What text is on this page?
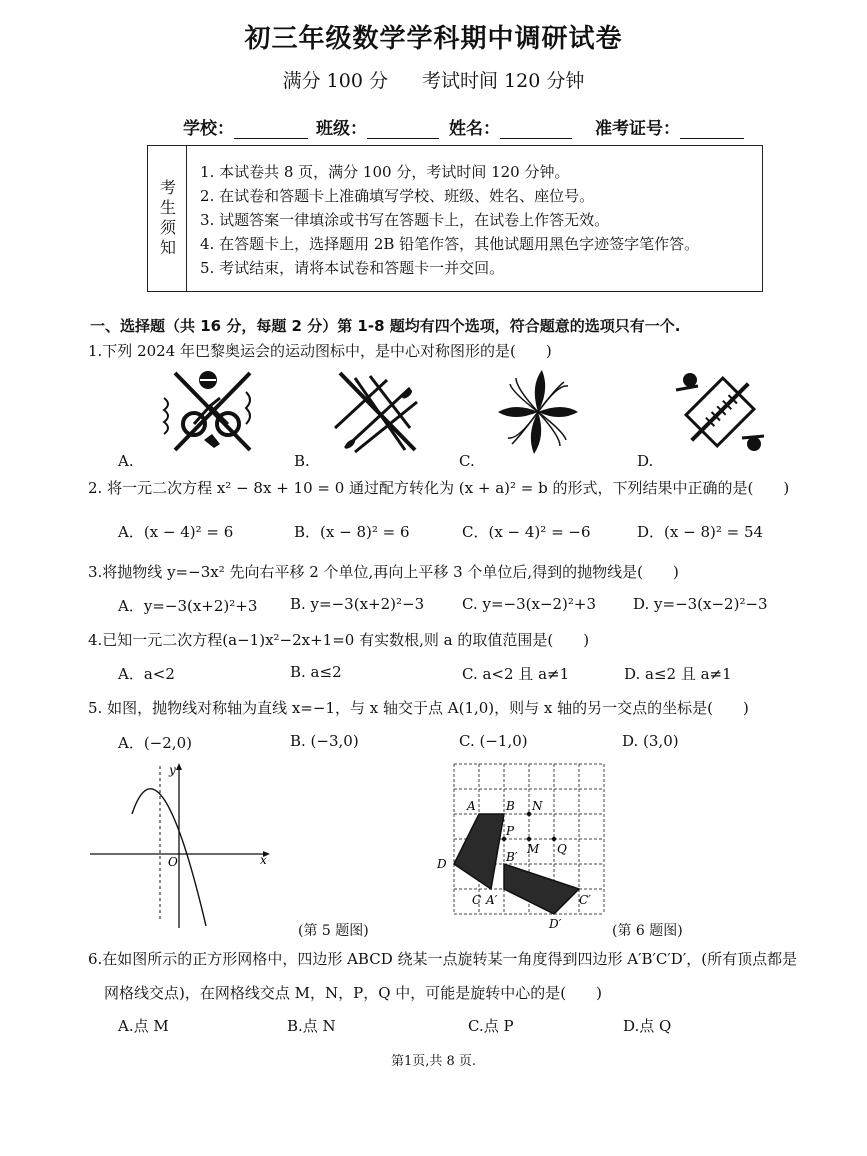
初三年级数学学科期中调研试卷
满分 100 分 考试时间 120 分钟
学校：	班级：	姓名：	准考证号：
考生须知
1. 本试卷共 8 页，满分 100 分，考试时间 120 分钟。
2. 在试卷和答题卡上准确填写学校、班级、姓名、座位号。
3. 试题答案一律填涂或书写在答题卡上，在试卷上作答无效。
4. 在答题卡上，选择题用 2B 铅笔作答，其他试题用黑色字迹签字笔作答。
5. 考试结束，请将本试卷和答题卡一并交回。
一、选择题（共 16 分，每题 2 分）第 1-8 题均有四个选项，符合题意的选项只有一个.
1.下列 2024 年巴黎奥运会的运动图标中，是中心对称图形的是(　　)
A.	B.	C.	D.
2. 将一元二次方程 x² − 8x + 10 = 0 通过配方转化为 (x + a)² = b 的形式，下列结果中正确的是(　　)
A．(x − 4)² = 6	B．(x − 8)² = 6	C．(x − 4)² = −6	D．(x − 8)² = 54
3.将抛物线 y=−3x² 先向右平移 2 个单位,再向上平移 3 个单位后,得到的抛物线是(　　)
A．y=−3(x+2)²+3 B. y=−3(x+2)²−3	C. y=−3(x−2)²+3 D. y=−3(x−2)²−3
4.已知一元二次方程(a−1)x²−2x+1=0 有实数根,则 a 的取值范围是(　　)
A．a<2	B. a≤2	C. a<2 且 a≠1	D. a≤2 且 a≠1
5. 如图，抛物线对称轴为直线 x=−1，与 x 轴交于点 A(1,0)，则与 x 轴的另一交点的坐标是(　　)
A．(−2,0)	B. (−3,0)	C. (−1,0)	D. (3,0)
y
x
O
(第 5 题图)
A	B
C
D
A′
B′
C′
D′
N
P
M Q
(第 6 题图)
6.在如图所示的正方形网格中，四边形 ABCD 绕某一点旋转某一角度得到四边形 A′B′C′D′，(所有顶点都是
网格线交点)，在网格线交点 M，N，P，Q 中，可能是旋转中心的是(　　)
A.点 M	B.点 N	C.点 P	D.点 Q
第1页,共 8 页.
